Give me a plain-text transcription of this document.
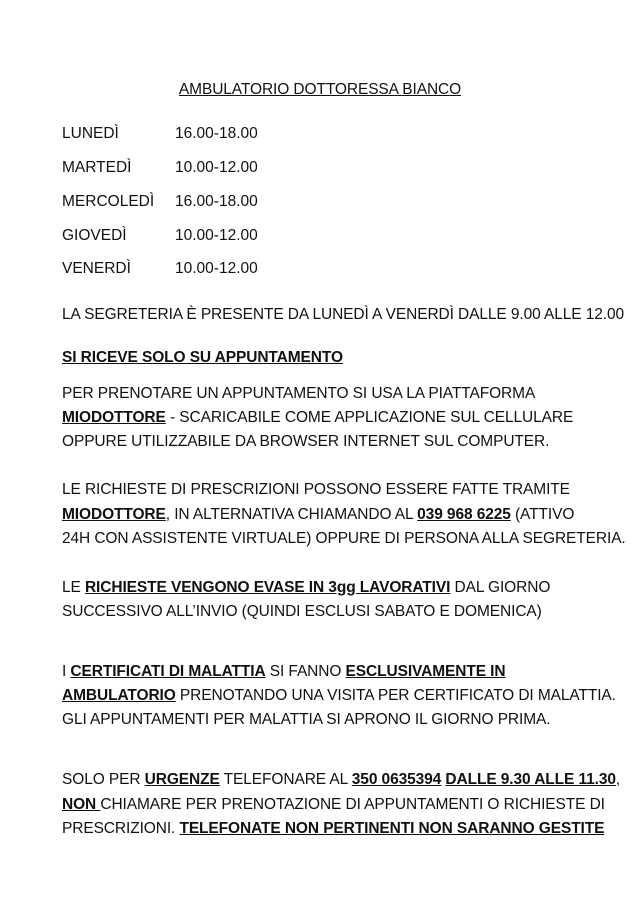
AMBULATORIO DOTTORESSA BIANCO
LUNEDÌ	16.00-18.00
MARTEDÌ	10.00-12.00
MERCOLEDÌ 16.00-18.00
GIOVEDÌ	10.00-12.00
VENERDÌ	10.00-12.00
LA SEGRETERIA È PRESENTE DA LUNEDÌ A VENERDÌ DALLE 9.00 ALLE 12.00
SI RICEVE SOLO SU APPUNTAMENTO
PER PRENOTARE UN APPUNTAMENTO SI USA LA PIATTAFORMA
MIODOTTORE - SCARICABILE COME APPLICAZIONE SUL CELLULARE
OPPURE UTILIZZABILE DA BROWSER INTERNET SUL COMPUTER.
LE RICHIESTE DI PRESCRIZIONI POSSONO ESSERE FATTE TRAMITE
MIODOTTORE, IN ALTERNATIVA CHIAMANDO AL 039 968 6225 (ATTIVO
24H CON ASSISTENTE VIRTUALE) OPPURE DI PERSONA ALLA SEGRETERIA.
LE RICHIESTE VENGONO EVASE IN 3gg LAVORATIVI DAL GIORNO
SUCCESSIVO ALL’INVIO (QUINDI ESCLUSI SABATO E DOMENICA)
I CERTIFICATI DI MALATTIA SI FANNO ESCLUSIVAMENTE IN
AMBULATORIO PRENOTANDO UNA VISITA PER CERTIFICATO DI MALATTIA.
GLI APPUNTAMENTI PER MALATTIA SI APRONO IL GIORNO PRIMA.
SOLO PER URGENZE TELEFONARE AL 350 0635394 DALLE 9.30 ALLE 11.30,
NON CHIAMARE PER PRENOTAZIONE DI APPUNTAMENTI O RICHIESTE DI
PRESCRIZIONI. TELEFONATE NON PERTINENTI NON SARANNO GESTITE
